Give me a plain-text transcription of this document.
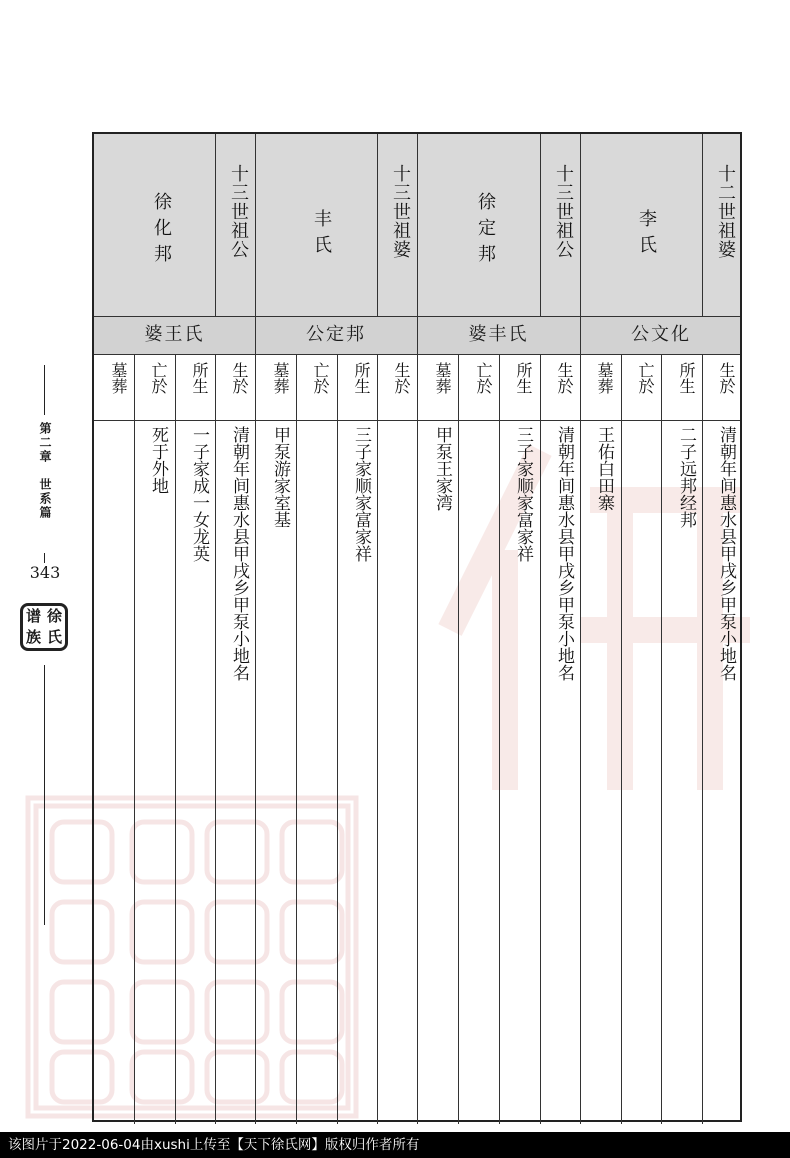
第二章　世系篇
343
谱 徐
族 氏
十二世祖婆
李氏
公文化
生於
所生
亡於
墓葬
清朝年间惠水县甲戌乡甲泵小地名
二子远邦经邦
王佑白田寨
十三世祖公
徐定邦
婆丰氏
生於
所生
亡於
墓葬
清朝年间惠水县甲戌乡甲泵小地名
三子家顺家富家祥
甲泵王家湾
十三世祖婆
丰氏
公定邦
生於
所生
亡於
墓葬
三子家顺家富家祥
甲泵游家室基
十三世祖公
徐化邦
婆王氏
生於
所生
亡於
墓葬
清朝年间惠水县甲戌乡甲泵小地名
一子家成一女龙英
死于外地
该图片于2022-06-04由xushi上传至【天下徐氏网】版权归作者所有
